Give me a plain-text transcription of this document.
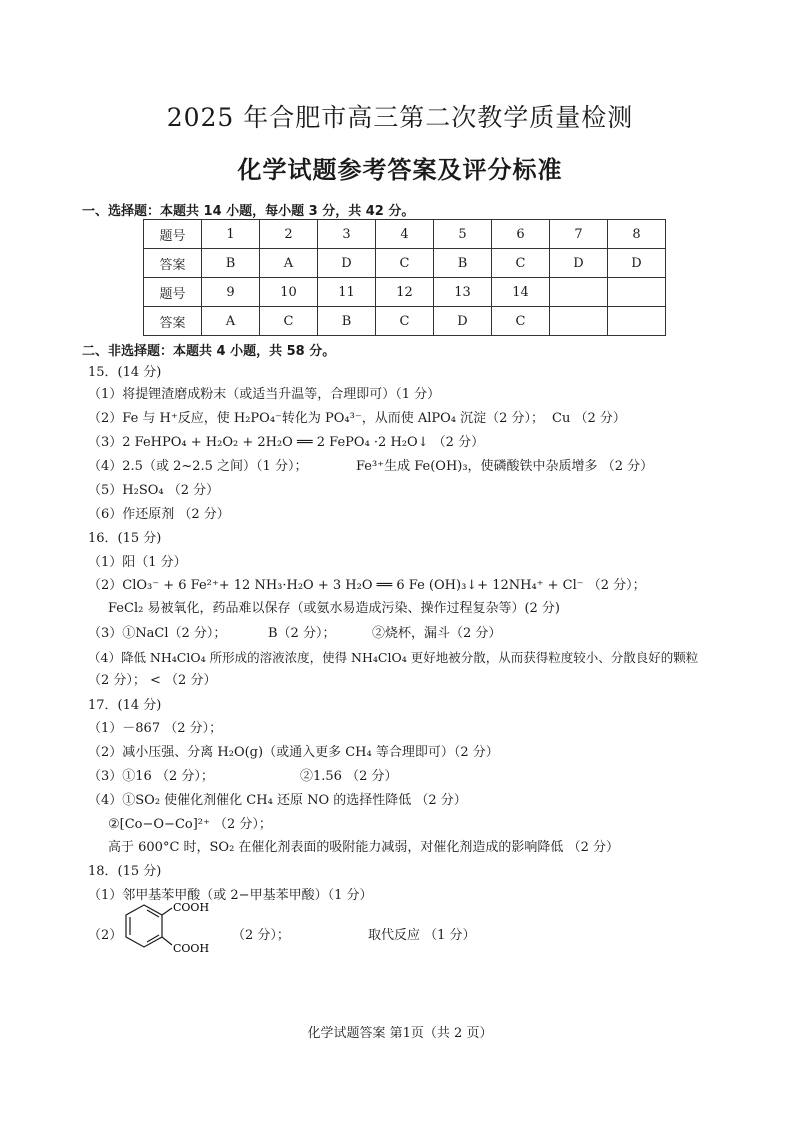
2025 年合肥市高三第二次教学质量检测
化学试题参考答案及评分标准
一、选择题：本题共 14 小题，每小题 3 分，共 42 分。
题号	1	2	3	4	5	6	7	8
答案	B	A	D	C	B	C	D	D
题号	9	10	11	12	13	14		
答案	A	C	B	C	D	C		
二、非选择题：本题共 4 小题，共 58 分。
15．(14 分)
（1）将提锂渣磨成粉末（或适当升温等，合理即可）（1 分）
（2）Fe 与 H⁺反应，使 H₂PO₄⁻转化为 PO₄³⁻，从而使 AlPO₄ 沉淀（2 分）； Cu （2 分）
（3）2 FeHPO₄ + H₂O₂ + 2H₂O ══ 2 FePO₄ ·2 H₂O↓ （2 分）
（4）2.5（或 2~2.5 之间）（1 分）；	Fe³⁺生成 Fe(OH)₃，使磷酸铁中杂质增多 （2 分）
（5）H₂SO₄ （2 分）
（6）作还原剂 （2 分）
16．(15 分)
（1）阳（1 分）
（2）ClO₃⁻ + 6 Fe²⁺+ 12 NH₃·H₂O + 3 H₂O ══ 6 Fe (OH)₃↓+ 12NH₄⁺ + Cl⁻ （2 分）；
FeCl₂ 易被氧化，药品难以保存（或氨水易造成污染、操作过程复杂等）(2 分)
（3）①NaCl（2 分）；	B（2 分）；	②烧杯，漏斗（2 分）
（4）降低 NH₄ClO₄ 所形成的溶液浓度，使得 NH₄ClO₄ 更好地被分散，从而获得粒度较小、分散良好的颗粒
（2 分）； < （2 分）
17．(14 分)
（1）－867 （2 分）；
（2）减小压强、分离 H₂O(g)（或通入更多 CH₄ 等合理即可）（2 分）
（3）①16 （2 分）；	②1.56 （2 分）
（4）①SO₂ 使催化剂催化 CH₄ 还原 NO 的选择性降低 （2 分）
②[Co−O−Co]²⁺ （2 分）；
高于 600°C 时，SO₂ 在催化剂表面的吸附能力减弱，对催化剂造成的影响降低 （2 分）
18．(15 分)
（1）邻甲基苯甲酸（或 2−甲基苯甲酸）（1 分）
（2）
COOH
COOH
（2 分）；	取代反应 （1 分）
化学试题答案 第1页（共 2 页）
